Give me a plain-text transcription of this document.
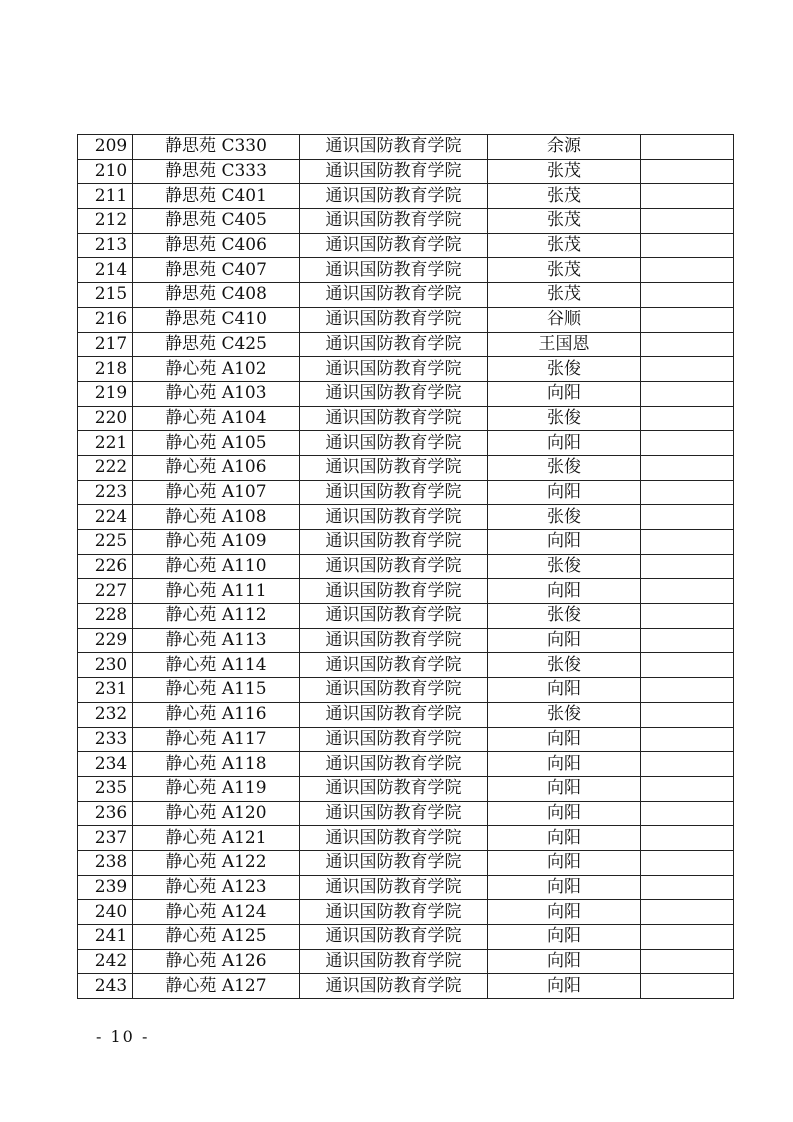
209	静思苑 C330	通识国防教育学院	余源	
210	静思苑 C333	通识国防教育学院	张茂	
211	静思苑 C401	通识国防教育学院	张茂	
212	静思苑 C405	通识国防教育学院	张茂	
213	静思苑 C406	通识国防教育学院	张茂	
214	静思苑 C407	通识国防教育学院	张茂	
215	静思苑 C408	通识国防教育学院	张茂	
216	静思苑 C410	通识国防教育学院	谷顺	
217	静思苑 C425	通识国防教育学院	王国恩	
218	静心苑 A102	通识国防教育学院	张俊	
219	静心苑 A103	通识国防教育学院	向阳	
220	静心苑 A104	通识国防教育学院	张俊	
221	静心苑 A105	通识国防教育学院	向阳	
222	静心苑 A106	通识国防教育学院	张俊	
223	静心苑 A107	通识国防教育学院	向阳	
224	静心苑 A108	通识国防教育学院	张俊	
225	静心苑 A109	通识国防教育学院	向阳	
226	静心苑 A110	通识国防教育学院	张俊	
227	静心苑 A111	通识国防教育学院	向阳	
228	静心苑 A112	通识国防教育学院	张俊	
229	静心苑 A113	通识国防教育学院	向阳	
230	静心苑 A114	通识国防教育学院	张俊	
231	静心苑 A115	通识国防教育学院	向阳	
232	静心苑 A116	通识国防教育学院	张俊	
233	静心苑 A117	通识国防教育学院	向阳	
234	静心苑 A118	通识国防教育学院	向阳	
235	静心苑 A119	通识国防教育学院	向阳	
236	静心苑 A120	通识国防教育学院	向阳	
237	静心苑 A121	通识国防教育学院	向阳	
238	静心苑 A122	通识国防教育学院	向阳	
239	静心苑 A123	通识国防教育学院	向阳	
240	静心苑 A124	通识国防教育学院	向阳	
241	静心苑 A125	通识国防教育学院	向阳	
242	静心苑 A126	通识国防教育学院	向阳	
243	静心苑 A127	通识国防教育学院	向阳	
- 10 -
